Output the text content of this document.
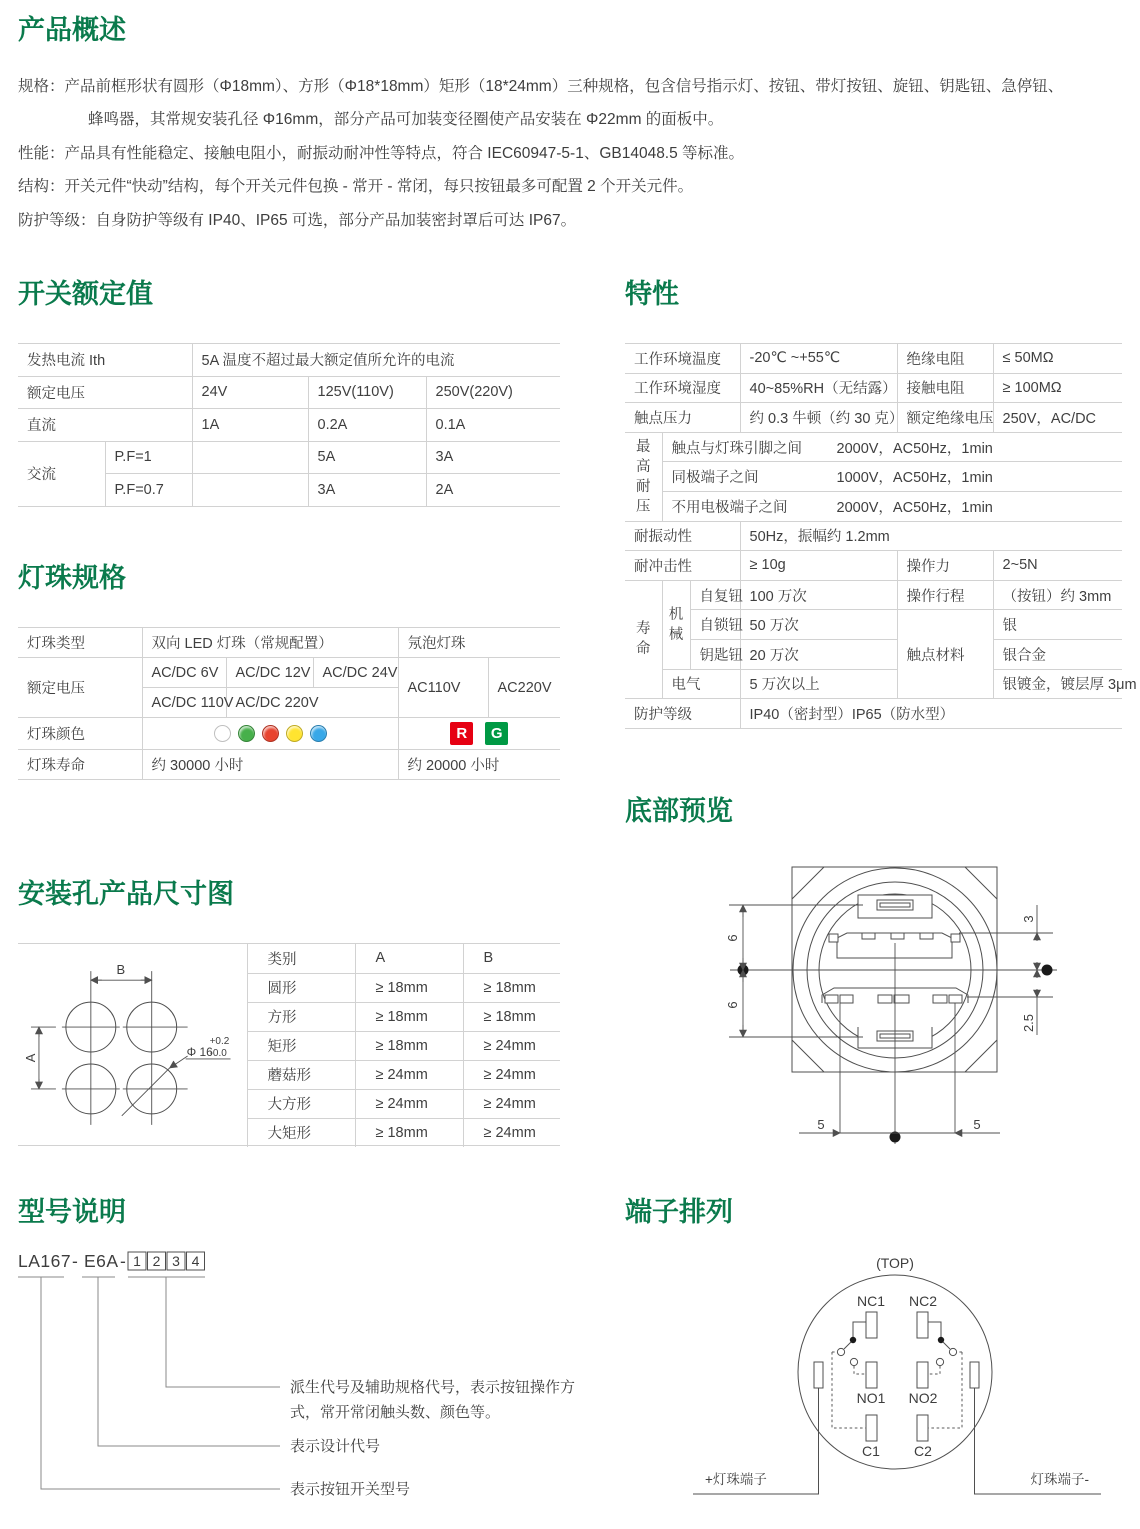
产品概述
规格：产品前框形状有圆形（Φ18mm）、方形（Φ18*18mm）矩形（18*24mm）三种规格，包含信号指示灯、按钮、带灯按钮、旋钮、钥匙钮、急停钮、
蜂鸣器，其常规安装孔径 Φ16mm，部分产品可加装变径圈使产品安装在 Φ22mm 的面板中。
性能：产品具有性能稳定、接触电阻小，耐振动耐冲性等特点，符合 IEC60947-5-1、GB14048.5 等标准。
结构：开关元件“快动”结构，每个开关元件包换 - 常开 - 常闭，每只按钮最多可配置 2 个开关元件。
防护等级：自身防护等级有 IP40、IP65 可选，部分产品加装密封罩后可达 IP67。
开关额定值
发热电流 Ith		5A 温度不超过最大额定值所允许的电流		
额定电压		24V	125V(110V)	250V(220V)
直流		1A	0.2A	0.1A
交流	P.F=1		5A	3A
	P.F=0.7		3A	2A
特性
工作环境温度			-20℃ ~+55℃	绝缘电阻	≤ 50MΩ
工作环境湿度			40~85%RH（无结露）	接触电阻	≥ 100MΩ
触点压力			约 0.3 牛顿（约 30 克）	额定绝缘电压	250V，AC/DC
最高耐压	触点与灯珠引脚之间 2000V，AC50Hz，1min				
	同极端子之间 1000V，AC50Hz，1min				
	不用电极端子之间 2000V，AC50Hz，1min				
耐振动性			50Hz，振幅约 1.2mm		
耐冲击性			≥ 10g	操作力	2~5N
寿命	机械	自复钮	100 万次	操作行程	（按钮）约 3mm
		自锁钮	50 万次	触点材料	银
		钥匙钮	20 万次		银合金
	电气		5 万次以上		银镀金，镀层厚 3μm
防护等级			IP40（密封型）IP65（防水型）		
灯珠规格
灯珠类型	双向 LED 灯珠（常规配置）			氖泡灯珠	
额定电压	AC/DC 6V	AC/DC 12V	AC/DC 24V	AC110V	AC220V
	AC/DC 110V	AC/DC 220V			
灯珠颜色				R G	

灯珠寿命	约 30000 小时			约 20000 小时	
底部预览
6
6
3
2.5
5	5
安装孔产品尺寸图
B
A	Φ 16
+0.2
-0.0
类别	A	B
圆形	≥ 18mm	≥ 18mm
方形	≥ 18mm	≥ 18mm
矩形	≥ 18mm	≥ 24mm
蘑菇形	≥ 24mm	≥ 24mm
大方形	≥ 24mm	≥ 24mm
大矩形	≥ 18mm	≥ 24mm
型号说明
LA167 - E6A - 1 2 3 4
派生代号及辅助规格代号，表示按钮操作方
式，常开常闭触头数、颜色等。
表示设计代号
表示按钮开关型号
端子排列
(TOP)
NC1 NC2
NO1 NO2
C1 C2
+灯珠端子	灯珠端子-
